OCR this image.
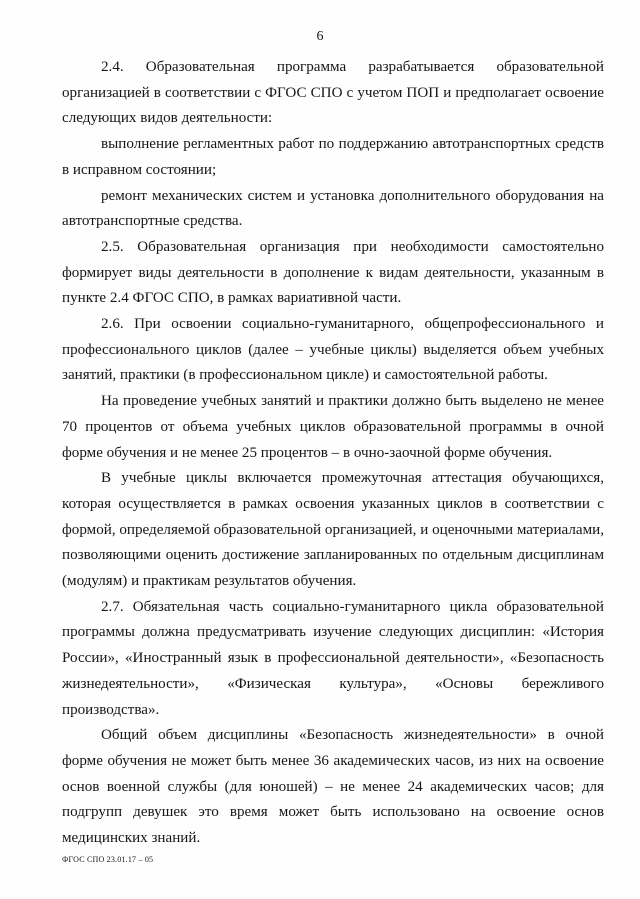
6

2.4. Образовательная программа разрабатывается образовательной организацией в соответствии с ФГОС СПО с учетом ПОП и предполагает освоение следующих видов деятельности:

выполнение регламентных работ по поддержанию автотранспортных средств в исправном состоянии;

ремонт механических систем и установка дополнительного оборудования на автотранспортные средства.

2.5. Образовательная организация при необходимости самостоятельно формирует виды деятельности в дополнение к видам деятельности, указанным в пункте 2.4 ФГОС СПО, в рамках вариативной части.

2.6. При освоении социально-гуманитарного, общепрофессионального и профессионального циклов (далее – учебные циклы) выделяется объем учебных занятий, практики (в профессиональном цикле) и самостоятельной работы.

На проведение учебных занятий и практики должно быть выделено не менее 70 процентов от объема учебных циклов образовательной программы в очной форме обучения и не менее 25 процентов – в очно-заочной форме обучения.

В учебные циклы включается промежуточная аттестация обучающихся, которая осуществляется в рамках освоения указанных циклов в соответствии с формой, определяемой образовательной организацией, и оценочными материалами, позволяющими оценить достижение запланированных по отдельным дисциплинам (модулям) и практикам результатов обучения.

2.7. Обязательная часть социально-гуманитарного цикла образовательной программы должна предусматривать изучение следующих дисциплин: «История России», «Иностранный язык в профессиональной деятельности», «Безопасность жизнедеятельности», «Физическая культура», «Основы бережливого производства».

Общий объем дисциплины «Безопасность жизнедеятельности» в очной форме обучения не может быть менее 36 академических часов, из них на освоение основ военной службы (для юношей) – не менее 24 академических часов; для подгрупп девушек это время может быть использовано на освоение основ медицинских знаний.

ФГОС СПО 23.01.17 – 05
